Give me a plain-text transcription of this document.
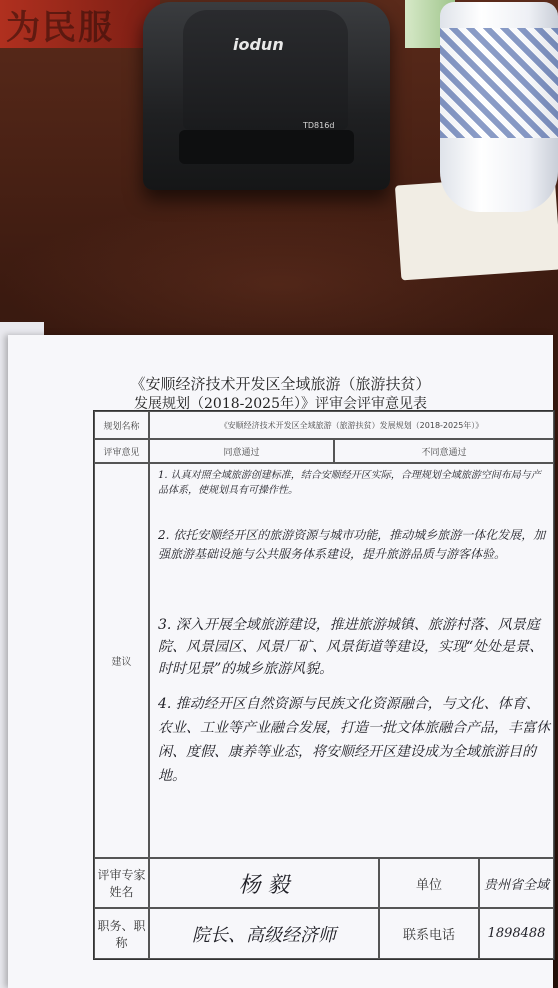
为民服	iodun
TD816d
《安顺经济技术开发区全域旅游（旅游扶贫）
发展规划（2018-2025年）》评审会评审意见表
规划名称	《安顺经济技术开发区全域旅游（旅游扶贫）发展规划（2018-2025年）》
评审意见	同意通过	不同意通过
建议
1. 认真对照全域旅游创建标准，结合安顺经开区实际，合理规划全域旅游空间布局与产品体系，使规划具有可操作性。
2. 依托安顺经开区的旅游资源与城市功能，推动城乡旅游一体化发展，加强旅游基础设施与公共服务体系建设，提升旅游品质与游客体验。
3. 深入开展全域旅游建设，推进旅游城镇、旅游村落、风景庭院、风景园区、风景厂矿、风景街道等建设，实现“处处是景、时时见景”的城乡旅游风貌。
4. 推动经开区自然资源与民族文化资源融合，与文化、体育、农业、工业等产业融合发展，打造一批文体旅融合产品，丰富休闲、度假、康养等业态，将安顺经开区建设成为全域旅游目的地。
评审专家姓名	杨 毅	单位	贵州省全域
职务、职称	院长、高级经济师	联系电话	1898488
